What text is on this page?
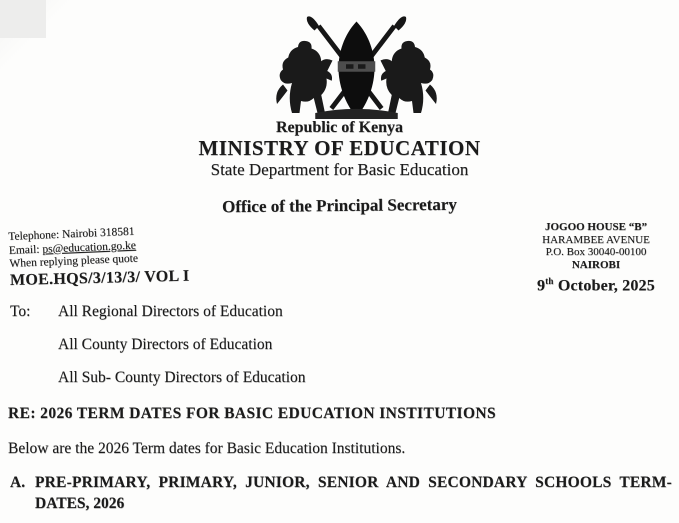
Republic of Kenya
MINISTRY OF EDUCATION
State Department for Basic Education
Office of the Principal Secretary
Telephone: Nairobi 318581
Email: ps@education.go.ke
When replying please quote
MOE.HQS/3/13/3/ VOL I
JOGOO HOUSE “B”
HARAMBEE AVENUE
P.O. Box 30040-00100
NAIROBI
9th October, 2025
To: All Regional Directors of Education
All County Directors of Education
All Sub- County Directors of Education
RE: 2026 TERM DATES FOR BASIC EDUCATION INSTITUTIONS
Below are the 2026 Term dates for Basic Education Institutions.
A. PRE-PRIMARY, PRIMARY, JUNIOR, SENIOR AND SECONDARY SCHOOLS TERM-
DATES, 2026
